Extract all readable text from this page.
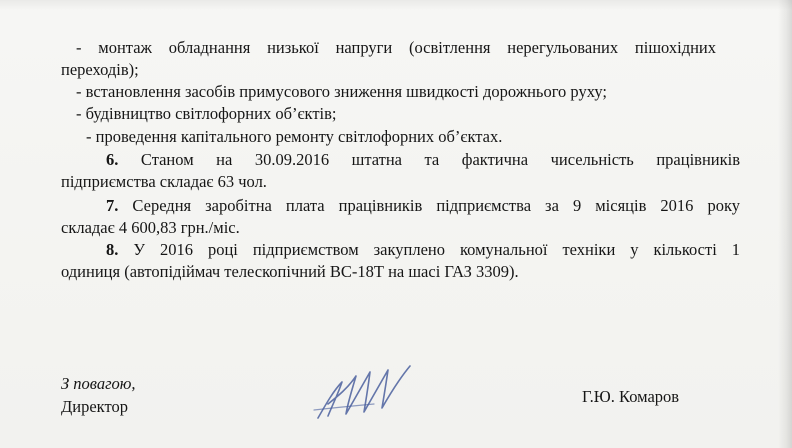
- монтаж обладнання низької напруги (освітлення нерегульованих пішохідних
переходів);
- встановлення засобів примусового зниження швидкості дорожнього руху;
- будівництво світлофорних об’єктів;
- проведення капітального ремонту світлофорних об’єктах.
6. Станом на 30.09.2016 штатна та фактична чисельність працівників
підприємства складає 63 чол.
7. Середня заробітна плата працівників підприємства за 9 місяців 2016 року
складає 4 600,83 грн./міс.
8. У 2016 році підприємством закуплено комунальної техніки у кількості 1
одиниця (автопідіймач телескопічний ВС-18Т на шасі ГАЗ 3309).
З повагою,
Директор
Г.Ю. Комаров
